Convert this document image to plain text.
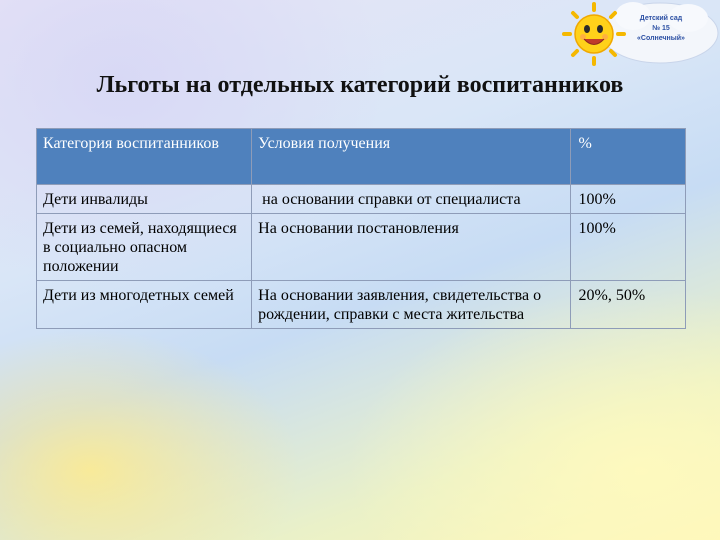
Детский сад
№ 15
«Солнечный»
Льготы на отдельных категорий воспитанников
Категория воспитанников	Условия получения	%
Дети инвалиды	на основании справки от специалиста	100%
Дети из семей, находящиеся в социально опасном положении	На основании постановления	100%
Дети из многодетных семей	На основании заявления, свидетельства о рождении, справки с места жительства	20%, 50%
